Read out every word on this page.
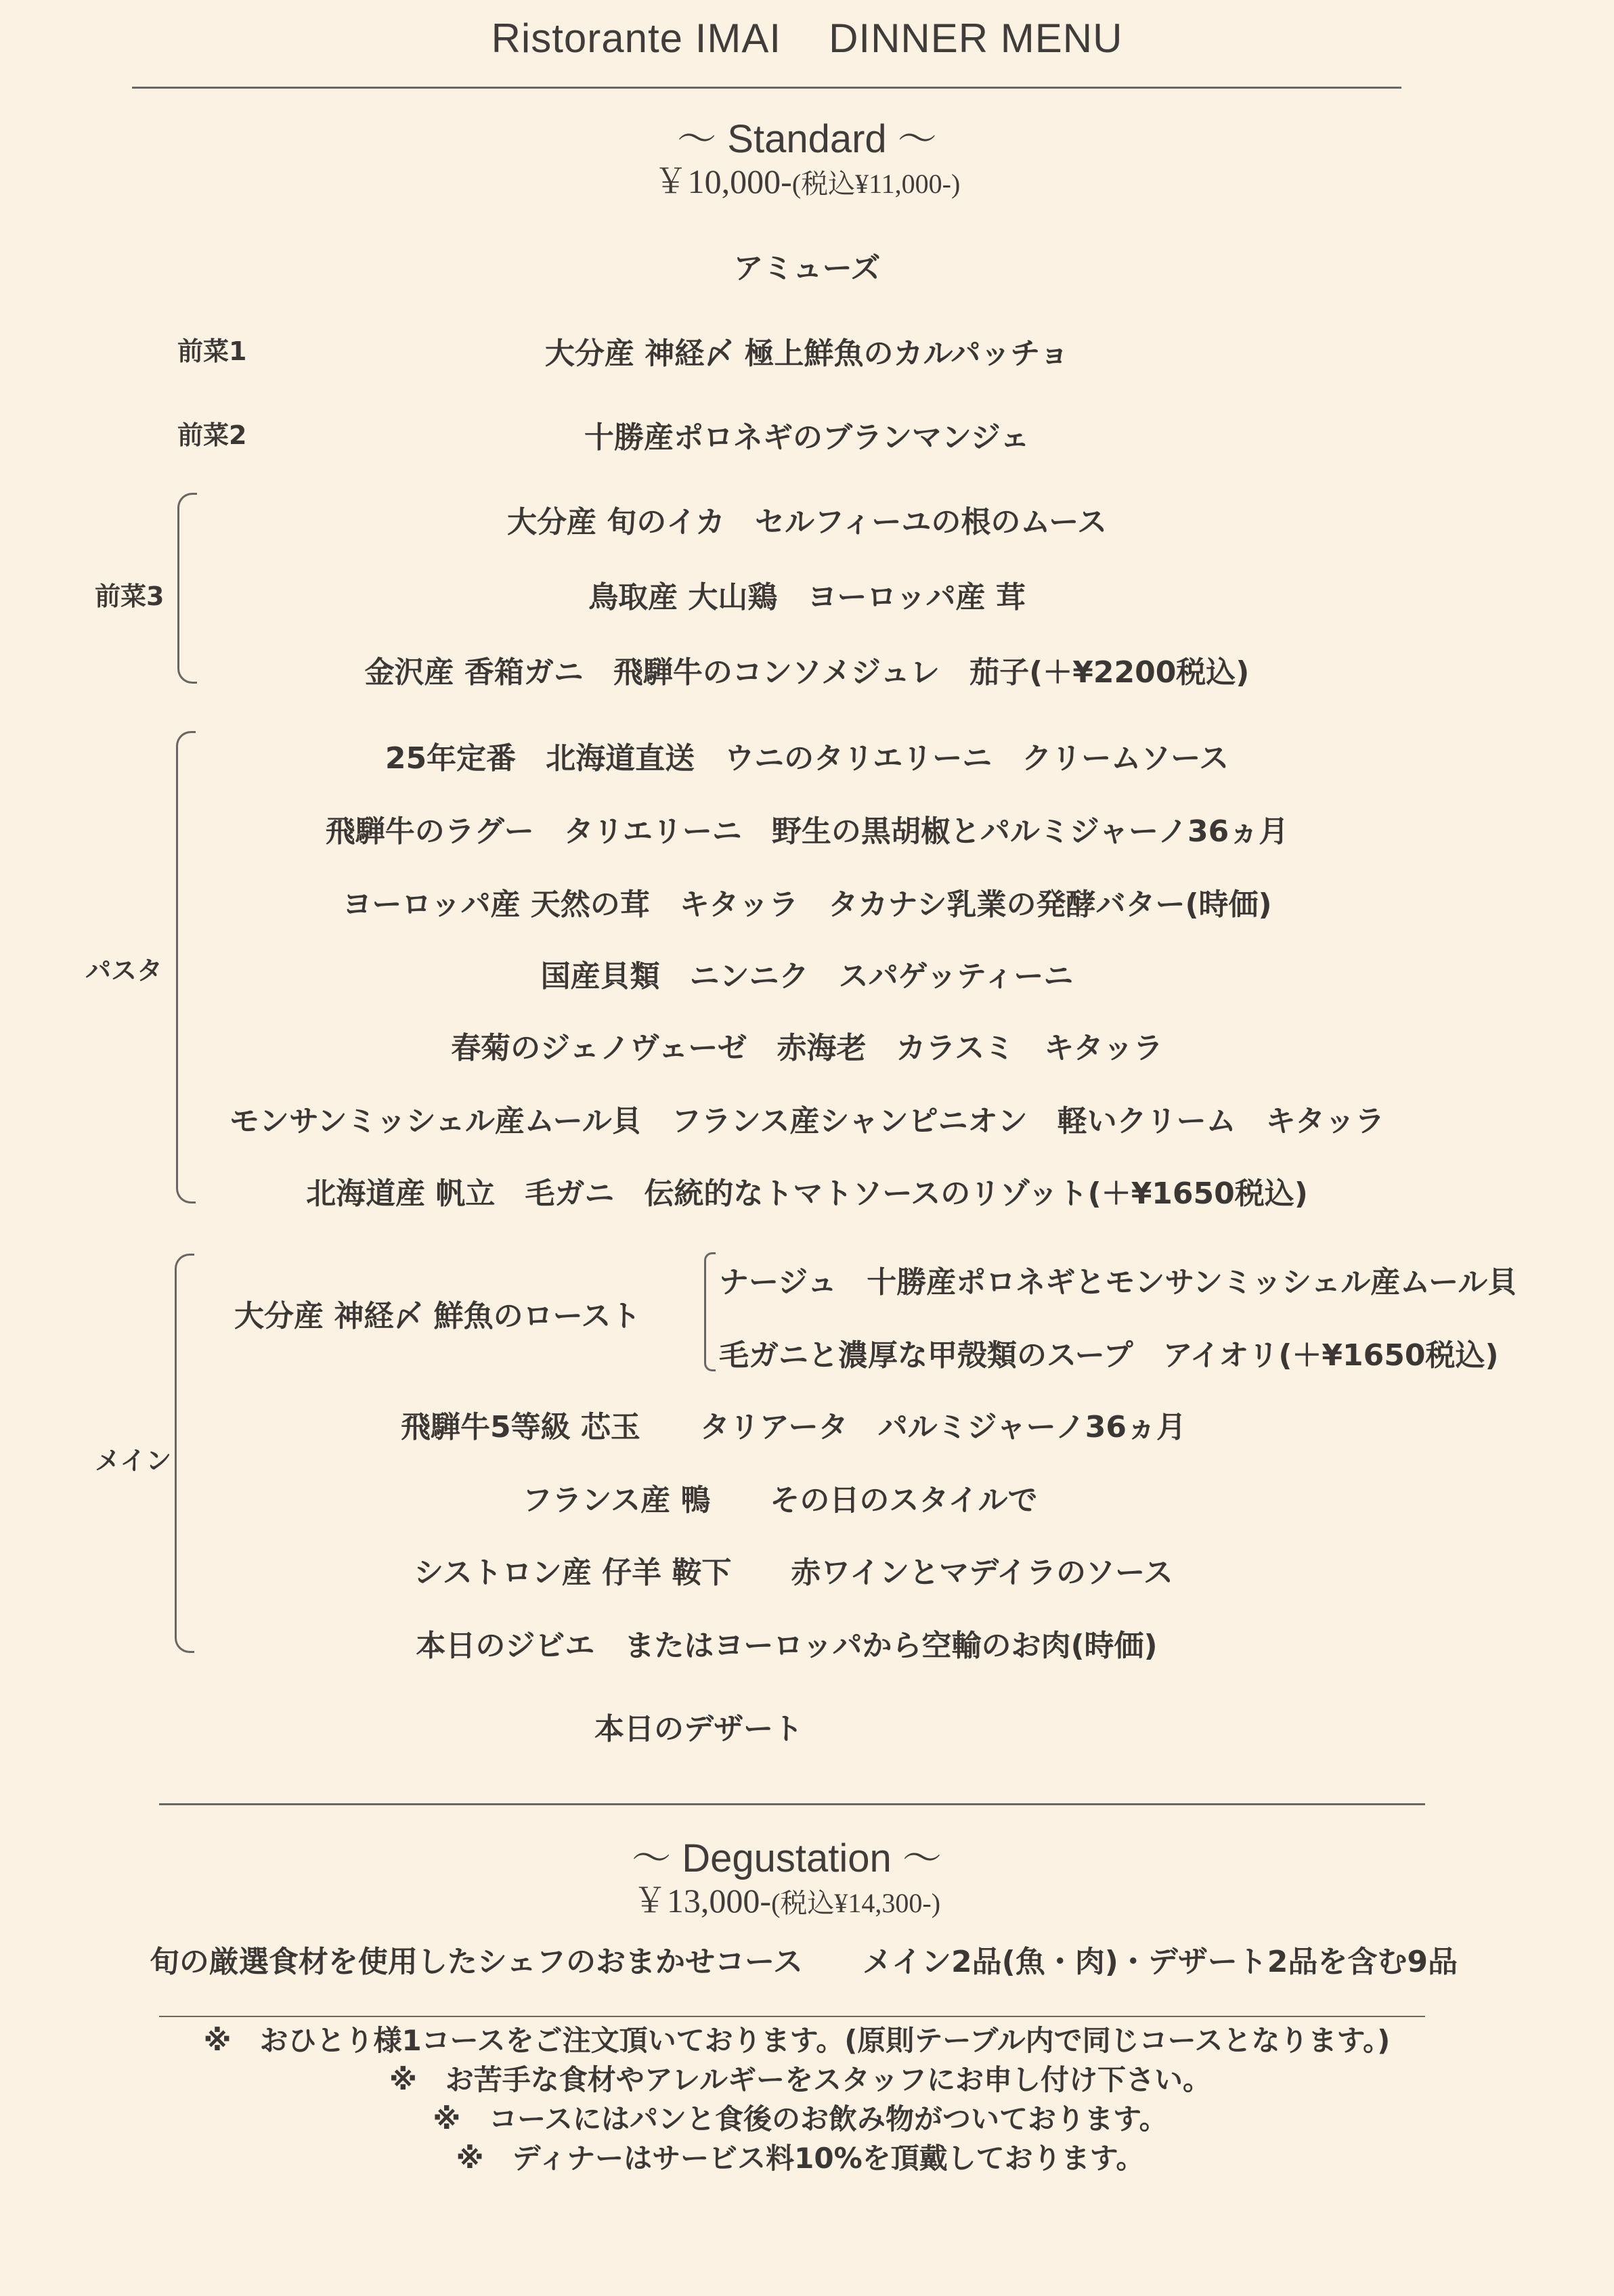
Ristorante IMAI DINNER MENU
～ Standard ～
￥10,000-(税込¥11,000-)
アミューズ
前菜1	大分産 神経〆 極上鮮魚のカルパッチョ
前菜2	十勝産ポロネギのブランマンジェ
前菜3
大分産 旬のイカ　セルフィーユの根のムース
鳥取産 大山鶏　ヨーロッパ産 茸
金沢産 香箱ガニ　飛騨牛のコンソメジュレ　茄子(＋¥2200税込)
パスタ
25年定番　北海道直送　ウニのタリエリーニ　クリームソース
飛騨牛のラグー　タリエリーニ　野生の黒胡椒とパルミジャーノ36ヵ月
ヨーロッパ産 天然の茸　キタッラ　タカナシ乳業の発酵バター(時価)
国産貝類　ニンニク　スパゲッティーニ
春菊のジェノヴェーゼ　赤海老　カラスミ　キタッラ
モンサンミッシェル産ムール貝　フランス産シャンピニオン　軽いクリーム　キタッラ
北海道産 帆立　毛ガニ　伝統的なトマトソースのリゾット(＋¥1650税込)
メイン
大分産 神経〆 鮮魚のロースト
ナージュ　十勝産ポロネギとモンサンミッシェル産ムール貝
毛ガニと濃厚な甲殻類のスープ　アイオリ(＋¥1650税込)
飛騨牛5等級 芯玉　　タリアータ　パルミジャーノ36ヵ月
フランス産 鴨　　その日のスタイルで
シストロン産 仔羊 鞍下　　赤ワインとマデイラのソース
本日のジビエ　またはヨーロッパから空輸のお肉(時価)
本日のデザート
～ Degustation ～
￥13,000-(税込¥14,300-)
旬の厳選食材を使用したシェフのおまかせコース　　メイン2品(魚・肉)・デザート2品を含む9品
※　おひとり様1コースをご注文頂いております。(原則テーブル内で同じコースとなります。)
※　お苦手な食材やアレルギーをスタッフにお申し付け下さい。
※　コースにはパンと食後のお飲み物がついております。
※　ディナーはサービス料10%を頂戴しております。
